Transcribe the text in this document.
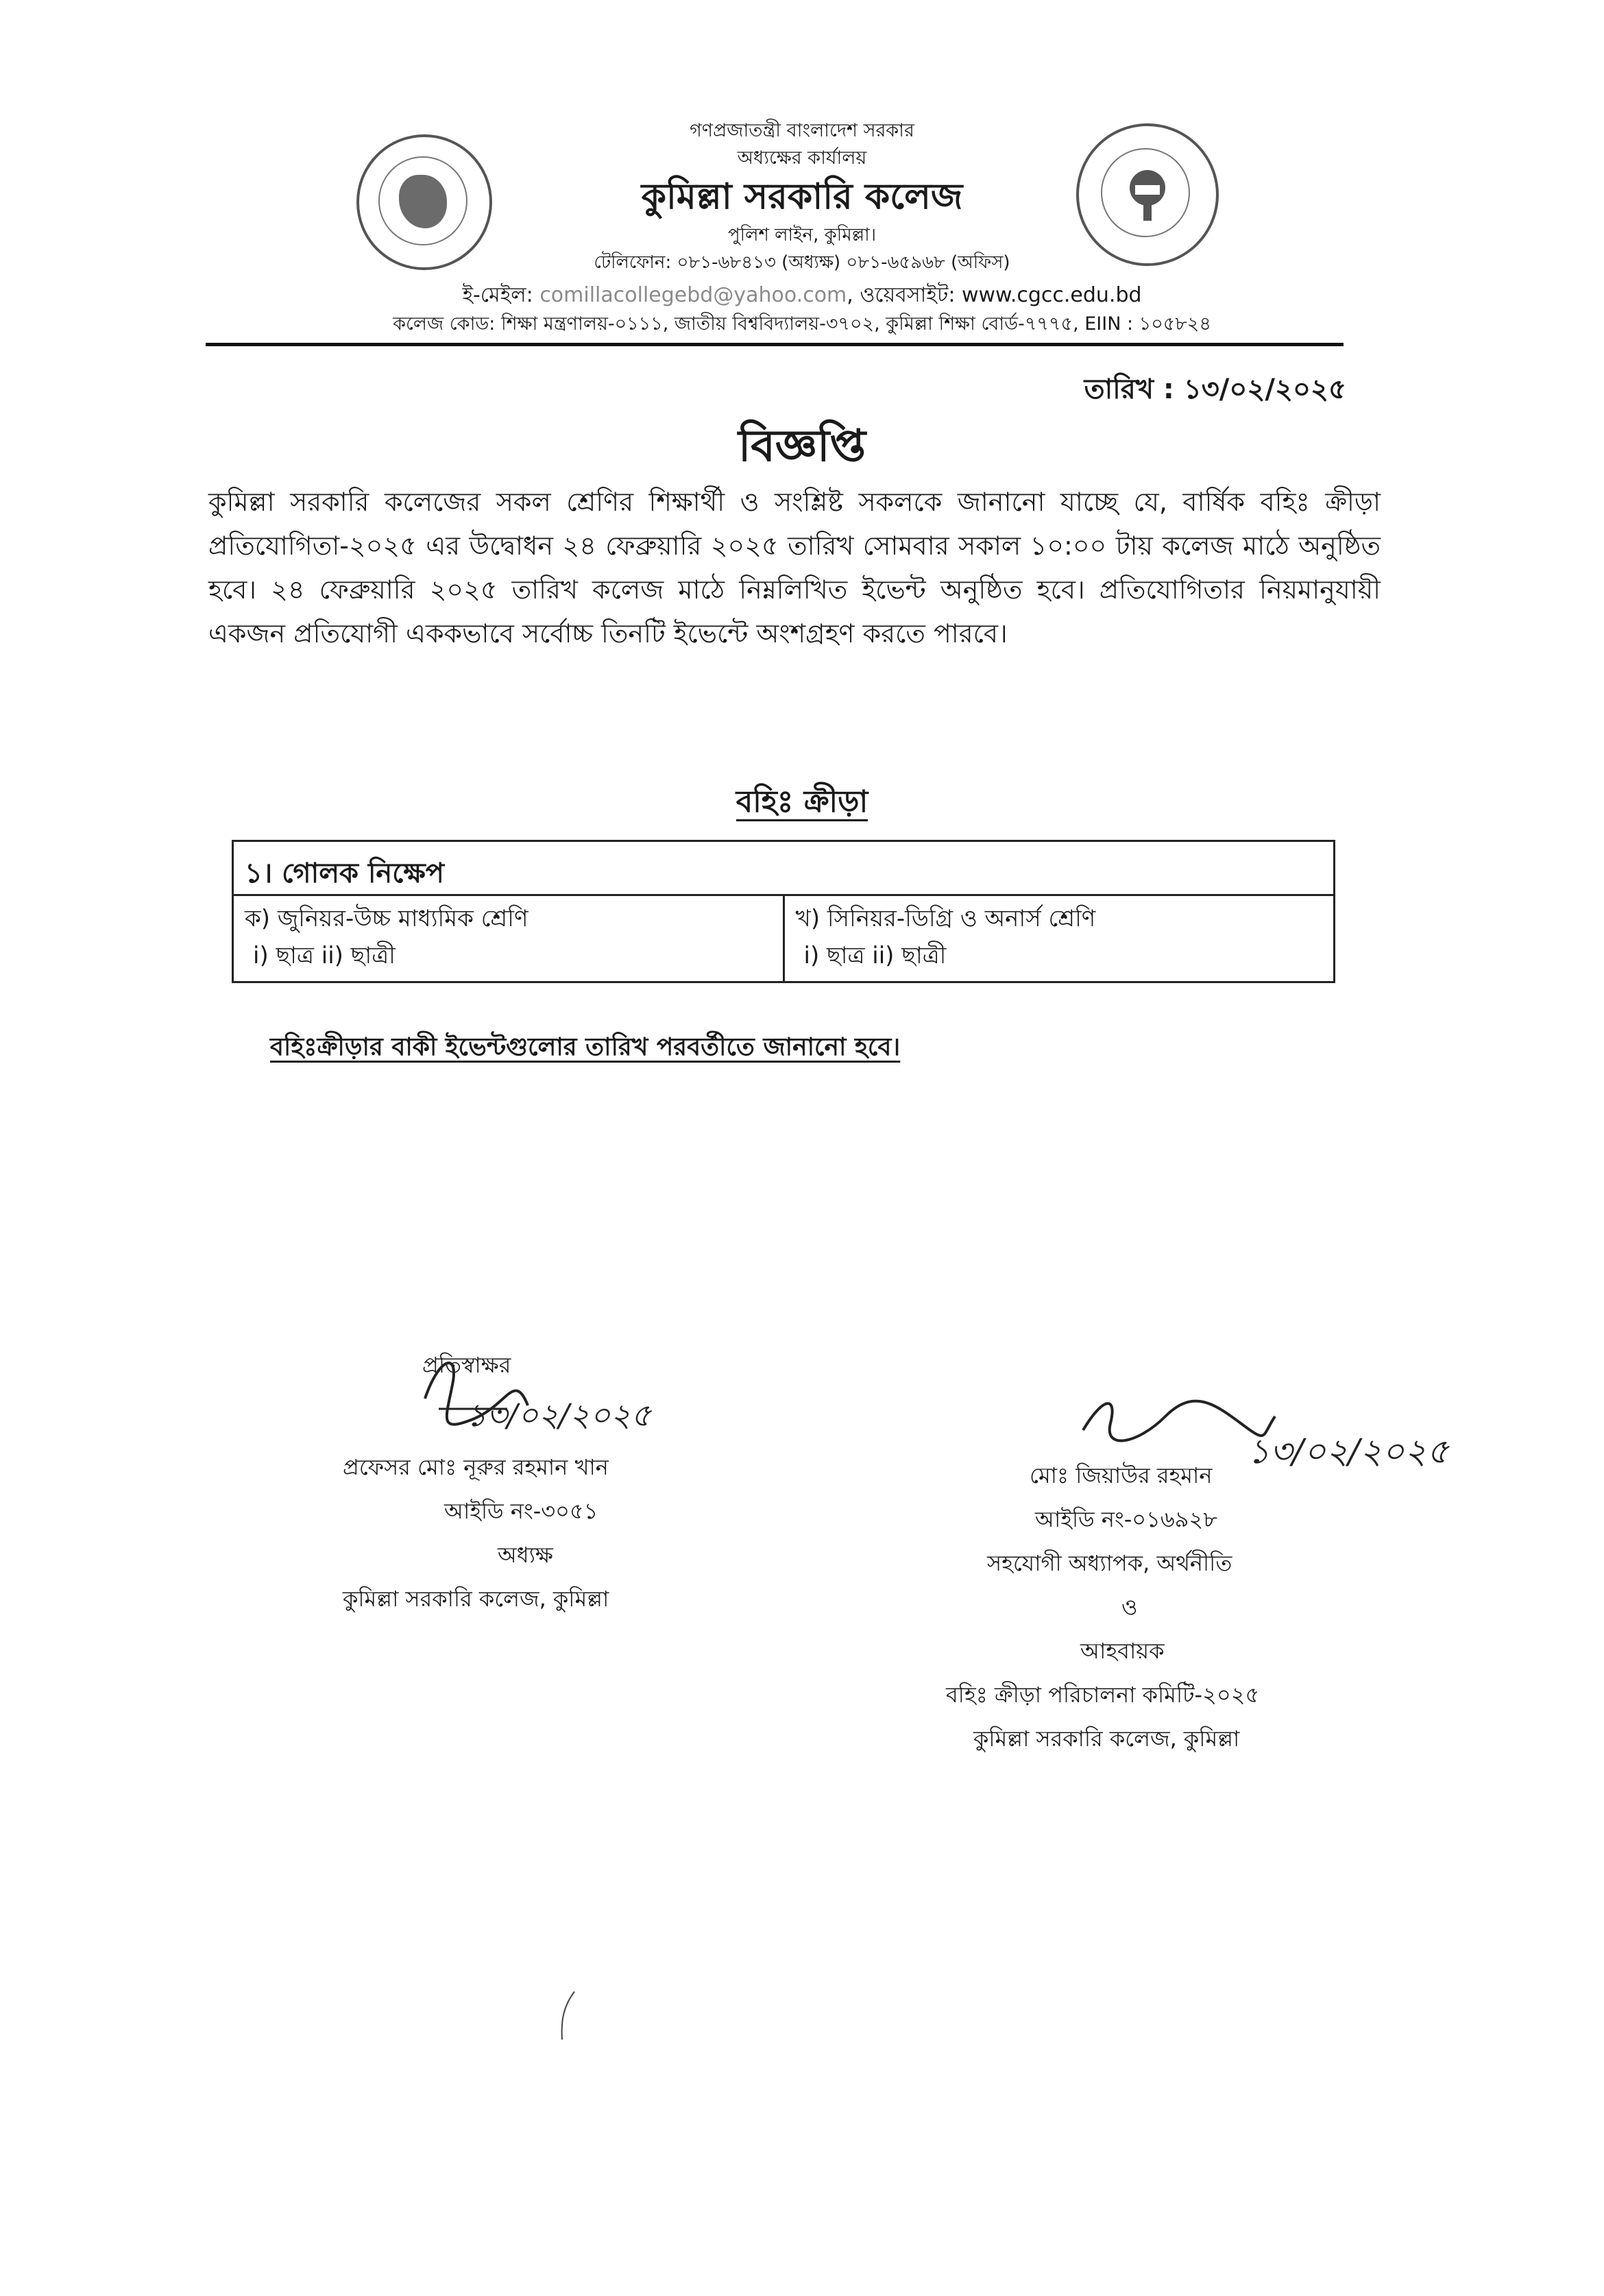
গণপ্রজাতন্ত্রী বাংলাদেশ সরকার
অধ্যক্ষের কার্যালয়
কুমিল্লা সরকারি কলেজ
পুলিশ লাইন, কুমিল্লা।
টেলিফোন: ০৮১-৬৮৪১৩ (অধ্যক্ষ) ০৮১-৬৫৯৬৮ (অফিস)
ই-মেইল: comillacollegebd@yahoo.com, ওয়েবসাইট: www.cgcc.edu.bd
কলেজ কোড: শিক্ষা মন্ত্রণালয়-০১১১, জাতীয় বিশ্ববিদ্যালয়-৩৭০২, কুমিল্লা শিক্ষা বোর্ড-৭৭৭৫, EIIN : ১০৫৮২৪
তারিখ : ১৩/০২/২০২৫
বিজ্ঞপ্তি
কুমিল্লা সরকারি কলেজের সকল শ্রেণির শিক্ষার্থী ও সংশ্লিষ্ট সকলকে জানানো যাচ্ছে যে, বার্ষিক বহিঃ ক্রীড়া প্রতিযোগিতা-২০২৫ এর উদ্বোধন ২৪ ফেব্রুয়ারি ২০২৫ তারিখ সোমবার সকাল ১০:০০ টায় কলেজ মাঠে অনুষ্ঠিত হবে। ২৪ ফেব্রুয়ারি ২০২৫ তারিখ কলেজ মাঠে নিম্নলিখিত ইভেন্ট অনুষ্ঠিত হবে। প্রতিযোগিতার নিয়মানুযায়ী একজন প্রতিযোগী এককভাবে সর্বোচ্চ তিনটি ইভেন্টে অংশগ্রহণ করতে পারবে।
বহিঃ ক্রীড়া
১। গোলক নিক্ষেপ
ক) জুনিয়র-উচ্চ মাধ্যমিক শ্রেণি
i) ছাত্র ii) ছাত্রী
খ) সিনিয়র-ডিগ্রি ও অনার্স শ্রেণি
i) ছাত্র ii) ছাত্রী
বহিঃক্রীড়ার বাকী ইভেন্টগুলোর তারিখ পরবর্তীতে জানানো হবে।
প্রতিস্বাক্ষর
১৩/০২/২০২৫
প্রফেসর মোঃ নূরুর রহমান খান
আইডি নং-৩০৫১
অধ্যক্ষ
কুমিল্লা সরকারি কলেজ, কুমিল্লা
১৩/০২/২০২৫
মোঃ জিয়াউর রহমান
আইডি নং-০১৬৯২৮
সহযোগী অধ্যাপক, অর্থনীতি
ও
আহবায়ক
বহিঃ ক্রীড়া পরিচালনা কমিটি-২০২৫
কুমিল্লা সরকারি কলেজ, কুমিল্লা
